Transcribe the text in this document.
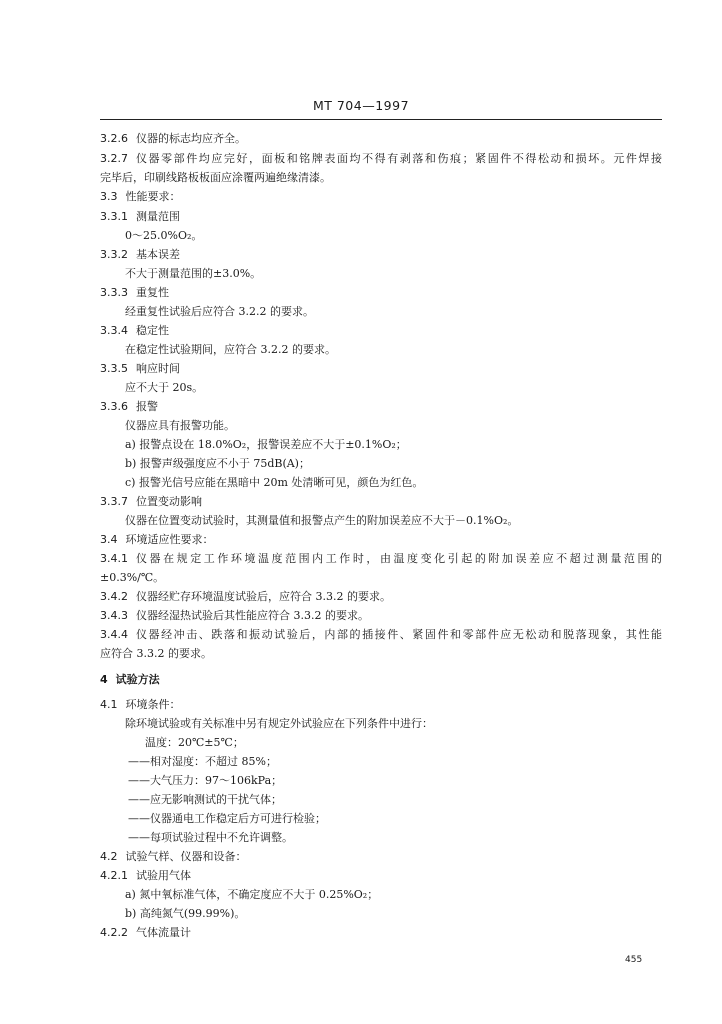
MT 704—1997
3.2.6 仪器的标志均应齐全。
3.2.7 仪器零部件均应完好，面板和铭牌表面均不得有剥落和伤痕；紧固件不得松动和损坏。元件焊接
完毕后，印刷线路板板面应涂覆两遍绝缘清漆。
3.3 性能要求：
3.3.1 测量范围
0～25.0%O₂。
3.3.2 基本误差
不大于测量范围的±3.0%。
3.3.3 重复性
经重复性试验后应符合 3.2.2 的要求。
3.3.4 稳定性
在稳定性试验期间，应符合 3.2.2 的要求。
3.3.5 响应时间
应不大于 20s。
3.3.6 报警
仪器应具有报警功能。
a) 报警点设在 18.0%O₂，报警误差应不大于±0.1%O₂；
b) 报警声级强度应不小于 75dB(A)；
c) 报警光信号应能在黑暗中 20m 处清晰可见，颜色为红色。
3.3.7 位置变动影响
仪器在位置变动试验时，其测量值和报警点产生的附加误差应不大于－0.1%O₂。
3.4 环境适应性要求：
3.4.1 仪器在规定工作环境温度范围内工作时，由温度变化引起的附加误差应不超过测量范围的
±0.3%/℃。
3.4.2 仪器经贮存环境温度试验后，应符合 3.3.2 的要求。
3.4.3 仪器经湿热试验后其性能应符合 3.3.2 的要求。
3.4.4 仪器经冲击、跌落和振动试验后，内部的插接件、紧固件和零部件应无松动和脱落现象，其性能
应符合 3.3.2 的要求。
4 试验方法
4.1 环境条件：
除环境试验或有关标准中另有规定外试验应在下列条件中进行：
温度：20℃±5℃；
——相对湿度：不超过 85%；
——大气压力：97～106kPa；
——应无影响测试的干扰气体；
——仪器通电工作稳定后方可进行检验；
——每项试验过程中不允许调整。
4.2 试验气样、仪器和设备：
4.2.1 试验用气体
a) 氮中氧标准气体，不确定度应不大于 0.25%O₂；
b) 高纯氮气(99.99%)。
4.2.2 气体流量计
455
